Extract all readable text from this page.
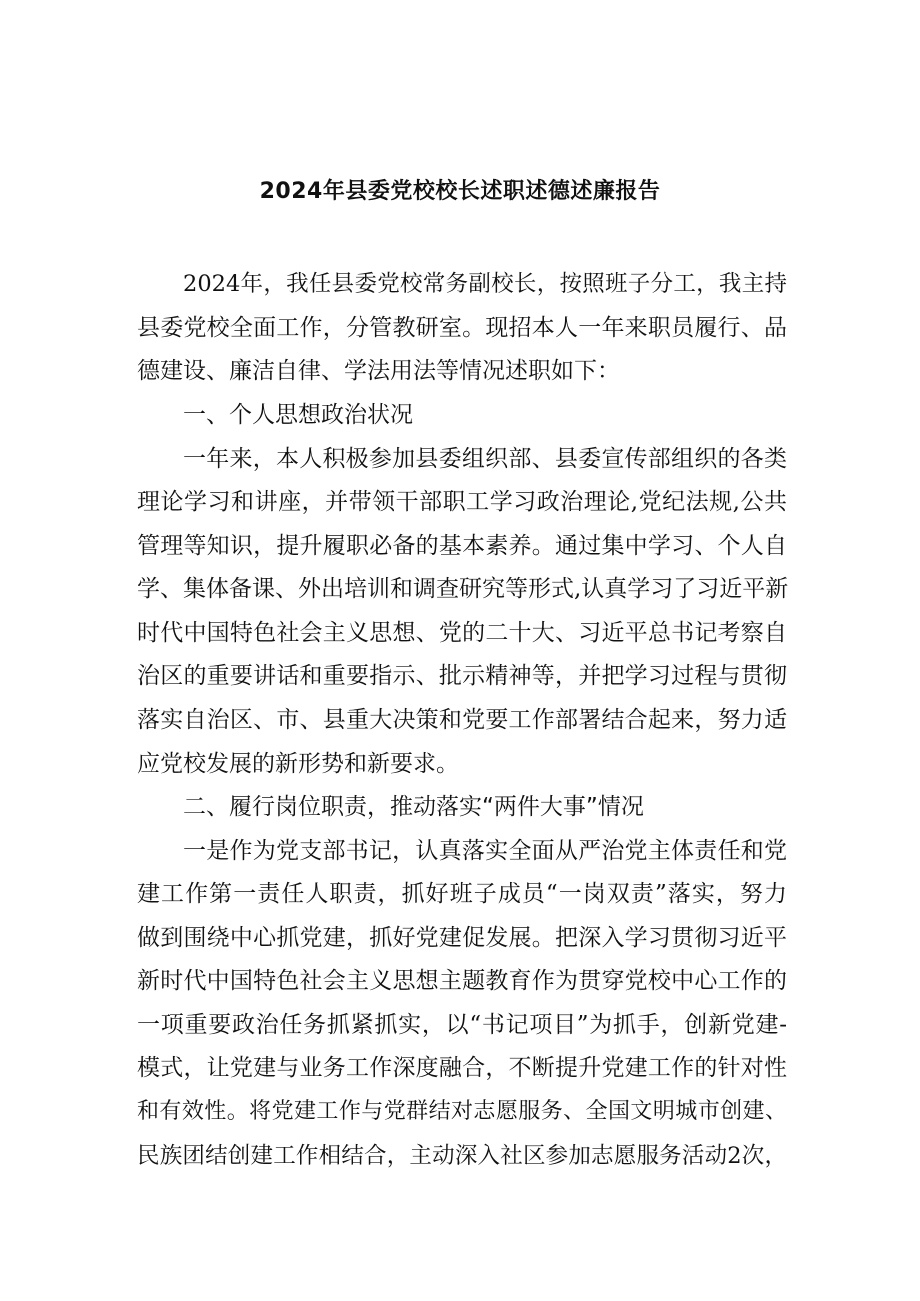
2024年县委党校校长述职述德述廉报告
2024年，我任县委党校常务副校长，按照班子分工，我主持
县委党校全面工作，分管教研室。现招本人一年来职员履行、品
德建设、廉洁自律、学法用法等情况述职如下：
一、个人思想政治状况
一年来，本人积极参加县委组织部、县委宣传部组织的各类
理论学习和讲座，并带领干部职工学习政治理论,党纪法规,公共
管理等知识，提升履职必备的基本素养。通过集中学习、个人自
学、集体备课、外出培训和调查研究等形式,认真学习了习近平新
时代中国特色社会主义思想、党的二十大、习近平总书记考察自
治区的重要讲话和重要指示、批示精神等，并把学习过程与贯彻
落实自治区、市、县重大决策和党要工作部署结合起来，努力适
应党校发展的新形势和新要求。
二、履行岗位职责，推动落实“两件大事”情况
一是作为党支部书记，认真落实全面从严治党主体责任和党
建工作第一责任人职责，抓好班子成员“一岗双责”落实，努力
做到围绕中心抓党建，抓好党建促发展。把深入学习贯彻习近平
新时代中国特色社会主义思想主题教育作为贯穿党校中心工作的
一项重要政治任务抓紧抓实，以“书记项目”为抓手，创新党建-
模式，让党建与业务工作深度融合，不断提升党建工作的针对性
和有效性。将党建工作与党群结对志愿服务、全国文明城市创建、
民族团结创建工作相结合，主动深入社区参加志愿服务活动2次，
